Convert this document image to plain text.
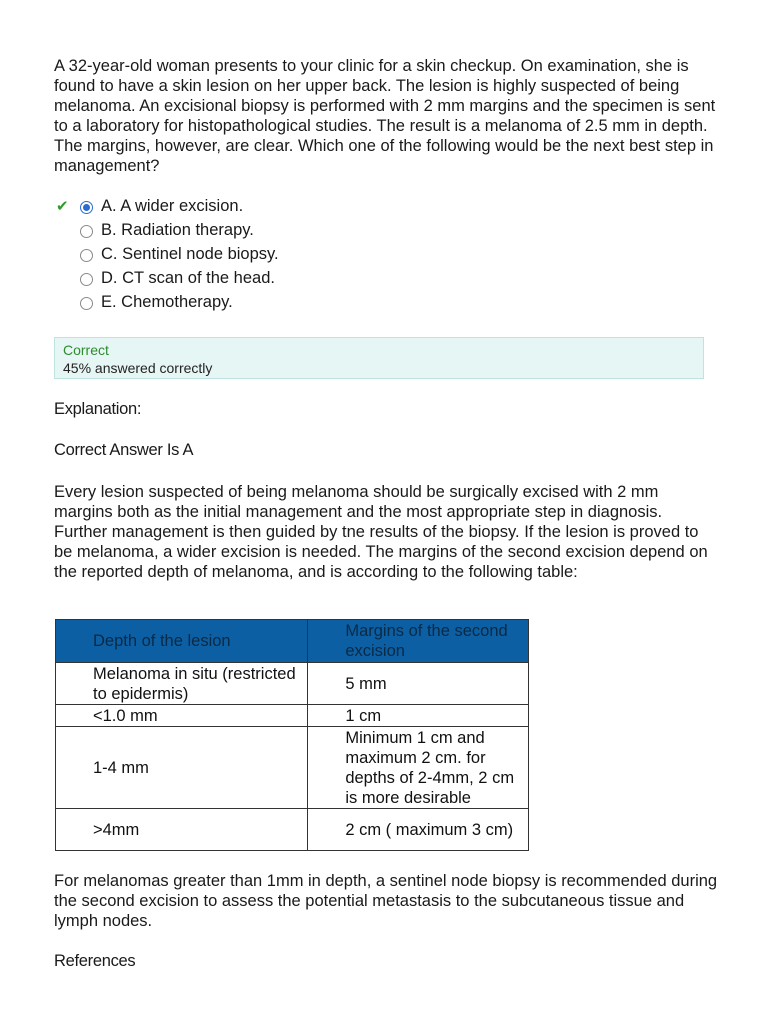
A 32-year-old woman presents to your clinic for a skin checkup. On examination, she is found to have a skin lesion on her upper back. The lesion is highly suspected of being melanoma. An excisional biopsy is performed with 2 mm margins and the specimen is sent to a laboratory for histopathological studies. The result is a melanoma of 2.5 mm in depth. The margins, however, are clear. Which one of the following would be the next best step in management?

✔ A. A wider excision.
B. Radiation therapy.
C. Sentinel node biopsy.
D. CT scan of the head.
E. Chemotherapy.
Correct
45% answered correctly
Explanation:
Correct Answer Is A

Every lesion suspected of being melanoma should be surgically excised with 2 mm margins both as the initial management and the most appropriate step in diagnosis. Further management is then guided by tne results of the biopsy. If the lesion is proved to be melanoma, a wider excision is needed. The margins of the second excision depend on the reported depth of melanoma, and is according to the following table:

Depth of the lesion	Margins of the second excision
Melanoma in situ (restricted to epidermis)	5 mm
<1.0 mm	1 cm
1-4 mm	Minimum 1 cm and maximum 2 cm. for depths of 2-4mm, 2 cm is more desirable
>4mm	2 cm ( maximum 3 cm)

For melanomas greater than 1mm in depth, a sentinel node biopsy is recommended during the second excision to assess the potential metastasis to the subcutaneous tissue and lymph nodes.

References
